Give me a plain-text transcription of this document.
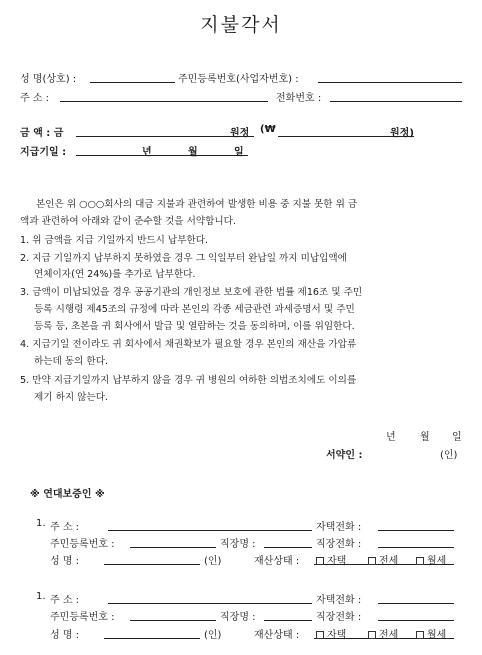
지불각서
성 명(상호) :	주민등록번호(사업자번호) :
주 소 :	전화번호 :
금 액 : 금	원정 (₩	원정)
지급기일 :	년	월	일
본인은 위 ○○○회사의 대금 지불과 관련하여 발생한 비용 중 지불 못한 위 금
액과 관련하여 아래와 같이 준수할 것을 서약합니다.
1. 위 금액을 지급 기일까지 반드시 납부한다.
2. 지급 기일까지 납부하지 못하였을 경우 그 익일부터 완납일 까지 미납입액에
연체이자(연 24%)를 추가로 납부한다.
3. 금액이 미납되었을 경우 공공기관의 개인정보 보호에 관한 법률 제16조 및 주민
등록 시행령 제45조의 규정에 따라 본인의 각종 세금관련 과세증명서 및 주민
등록 등, 초본을 귀 회사에서 발급 및 열람하는 것을 동의하며, 이를 위임한다.
4. 지급기일 전이라도 귀 회사에서 채권확보가 필요할 경우 본인의 재산을 가압류
하는데 동의 한다.
5. 만약 지급기일까지 납부하지 않을 경우 귀 병원의 여하한 의법조치에도 이의를
제기 하지 않는다.
년 월 일
서약인 :	(인)
※ 연대보증인 ※
1. 주 소 :	자택전화 :
주민등록번호 :	직장명 :	직장전화 :
성 명 :	(인)	재산상태 :	자택	전세	월세
1. 주 소 :	자택전화 :
주민등록번호 :	직장명 :	직장전화 :
성 명 :	(인)	재산상태 :	자택	전세	월세
